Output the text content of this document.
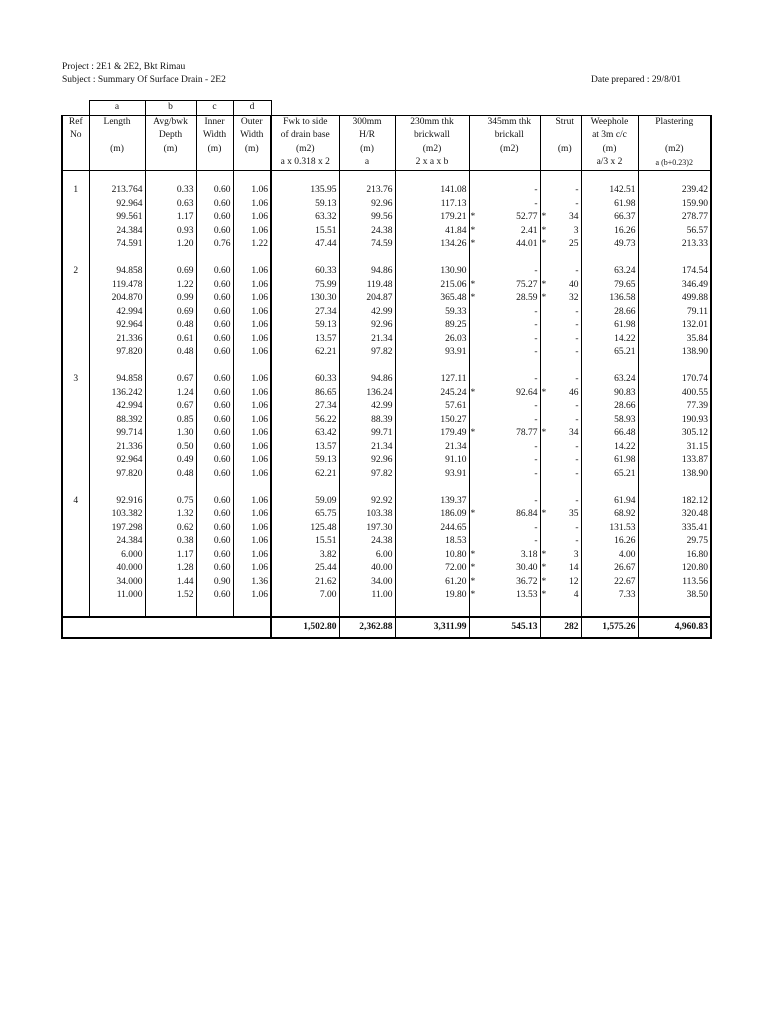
Project : 2E1 & 2E2, Bkt Rimau
Subject : Summary Of Surface Drain - 2E2	Date prepared : 29/8/01
	a	b	c	d									
Ref	Length	Avg/bwk	Inner	Outer	Fwk to side	300mm	230mm thk		345mm thk		Strut	Weephole	Plastering
No		Depth	Width	Width	of drain base	H/R	brickwall		brickall			at 3m c/c	
	(m)	(m)	(m)	(m)	(m2)	(m)	(m2)		(m2)		(m)	(m)	(m2)
					a x 0.318 x 2	a	2 x a x b					a/3 x 2	a (b+0.23)2

1	213.764	0.33	0.60	1.06	135.95	213.76	141.08		-		-	142.51	239.42
	92.964	0.63	0.60	1.06	59.13	92.96	117.13		-		-	61.98	159.90
	99.561	1.17	0.60	1.06	63.32	99.56	179.21	*	52.77	*	34	66.37	278.77
	24.384	0.93	0.60	1.06	15.51	24.38	41.84	*	2.41	*	3	16.26	56.57
	74.591	1.20	0.76	1.22	47.44	74.59	134.26	*	44.01	*	25	49.73	213.33

2	94.858	0.69	0.60	1.06	60.33	94.86	130.90		-		-	63.24	174.54
	119.478	1.22	0.60	1.06	75.99	119.48	215.06	*	75.27	*	40	79.65	346.49
	204.870	0.99	0.60	1.06	130.30	204.87	365.48	*	28.59	*	32	136.58	499.88
	42.994	0.69	0.60	1.06	27.34	42.99	59.33		-		-	28.66	79.11
	92.964	0.48	0.60	1.06	59.13	92.96	89.25		-		-	61.98	132.01
	21.336	0.61	0.60	1.06	13.57	21.34	26.03		-		-	14.22	35.84
	97.820	0.48	0.60	1.06	62.21	97.82	93.91		-		-	65.21	138.90

3	94.858	0.67	0.60	1.06	60.33	94.86	127.11		-		-	63.24	170.74
	136.242	1.24	0.60	1.06	86.65	136.24	245.24	*	92.64	*	46	90.83	400.55
	42.994	0.67	0.60	1.06	27.34	42.99	57.61		-		-	28.66	77.39
	88.392	0.85	0.60	1.06	56.22	88.39	150.27		-		-	58.93	190.93
	99.714	1.30	0.60	1.06	63.42	99.71	179.49	*	78.77	*	34	66.48	305.12
	21.336	0.50	0.60	1.06	13.57	21.34	21.34		-		-	14.22	31.15
	92.964	0.49	0.60	1.06	59.13	92.96	91.10		-		-	61.98	133.87
	97.820	0.48	0.60	1.06	62.21	97.82	93.91		-		-	65.21	138.90

4	92.916	0.75	0.60	1.06	59.09	92.92	139.37		-		-	61.94	182.12
	103.382	1.32	0.60	1.06	65.75	103.38	186.09	*	86.84	*	35	68.92	320.48
	197.298	0.62	0.60	1.06	125.48	197.30	244.65		-		-	131.53	335.41
	24.384	0.38	0.60	1.06	15.51	24.38	18.53		-		-	16.26	29.75
	6.000	1.17	0.60	1.06	3.82	6.00	10.80	*	3.18	*	3	4.00	16.80
	40.000	1.28	0.60	1.06	25.44	40.00	72.00	*	30.40	*	14	26.67	120.80
	34.000	1.44	0.90	1.36	21.62	34.00	61.20	*	36.72	*	12	22.67	113.56
	11.000	1.52	0.60	1.06	7.00	11.00	19.80	*	13.53	*	4	7.33	38.50

					1,502.80	2,362.88	3,311.99		545.13		282	1,575.26	4,960.83
